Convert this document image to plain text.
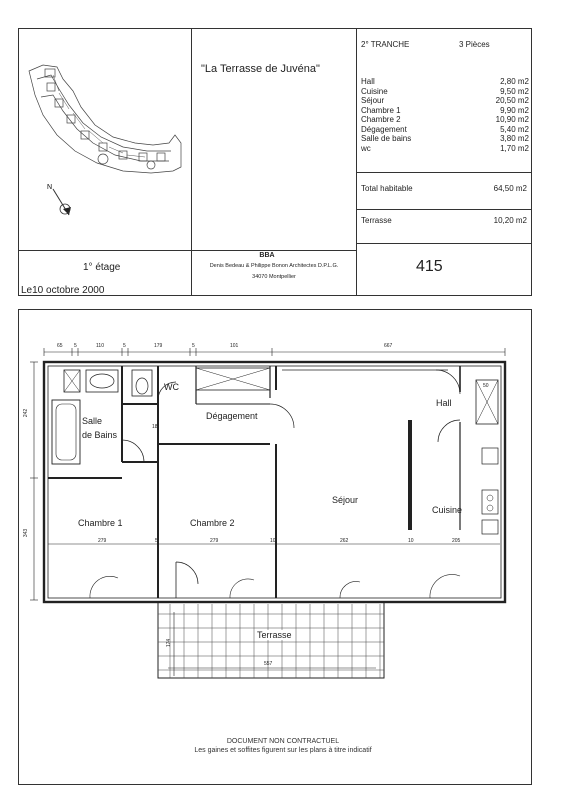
N
"La Terrasse de Juvéna"
1° étage
Le10 octobre 2000
BBA
Denis Bedeau & Philippe Bonon Architectes D.P.L.G.
34070 Montpellier
415
2° TRANCHE	3 Pièces
Hall	2,80 m2
Cuisine	9,50 m2
Séjour	20,50 m2
Chambre 1	9,90 m2
Chambre 2	10,90 m2
Dégagement	5,40 m2
Salle de bains	3,80 m2
wc	1,70 m2
Total habitable	64,50 m2
Terrasse	10,20 m2
WC
Dégagement
Hall
Salle
de Bains
Séjour
Cuisine
Chambre 1	Chambre 2
Terrasse
65 5	110	5	179	5	101	667
242
343
279	5	279	10	262	10	205
557
174
18
50
DOCUMENT NON CONTRACTUEL
Les gaines et soffites figurent sur les plans à titre indicatif
